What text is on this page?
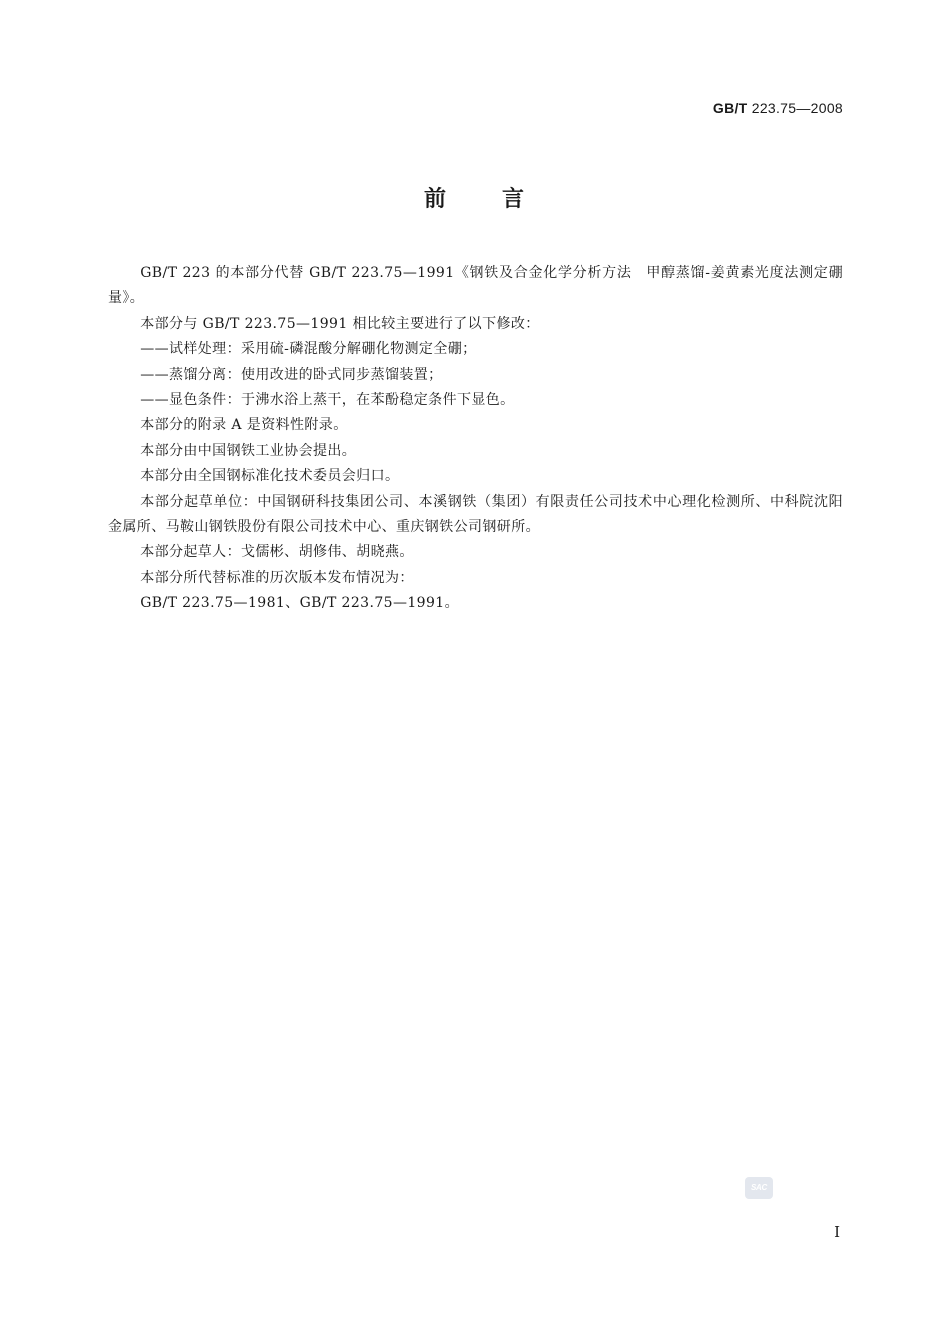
GB/T 223.75—2008
前 言

GB/T 223 的本部分代替 GB/T 223.75—1991《钢铁及合金化学分析方法　甲醇蒸馏-姜黄素光度法测定硼量》。

本部分与 GB/T 223.75—1991 相比较主要进行了以下修改：

——试样处理：采用硫-磷混酸分解硼化物测定全硼；

——蒸馏分离：使用改进的卧式同步蒸馏装置；

——显色条件：于沸水浴上蒸干，在苯酚稳定条件下显色。

本部分的附录 A 是资料性附录。

本部分由中国钢铁工业协会提出。

本部分由全国钢标准化技术委员会归口。

本部分起草单位：中国钢研科技集团公司、本溪钢铁（集团）有限责任公司技术中心理化检测所、中科院沈阳金属所、马鞍山钢铁股份有限公司技术中心、重庆钢铁公司钢研所。

本部分起草人：戈儒彬、胡修伟、胡晓燕。

本部分所代替标准的历次版本发布情况为：

GB/T 223.75—1981、GB/T 223.75—1991。

SAC
I
